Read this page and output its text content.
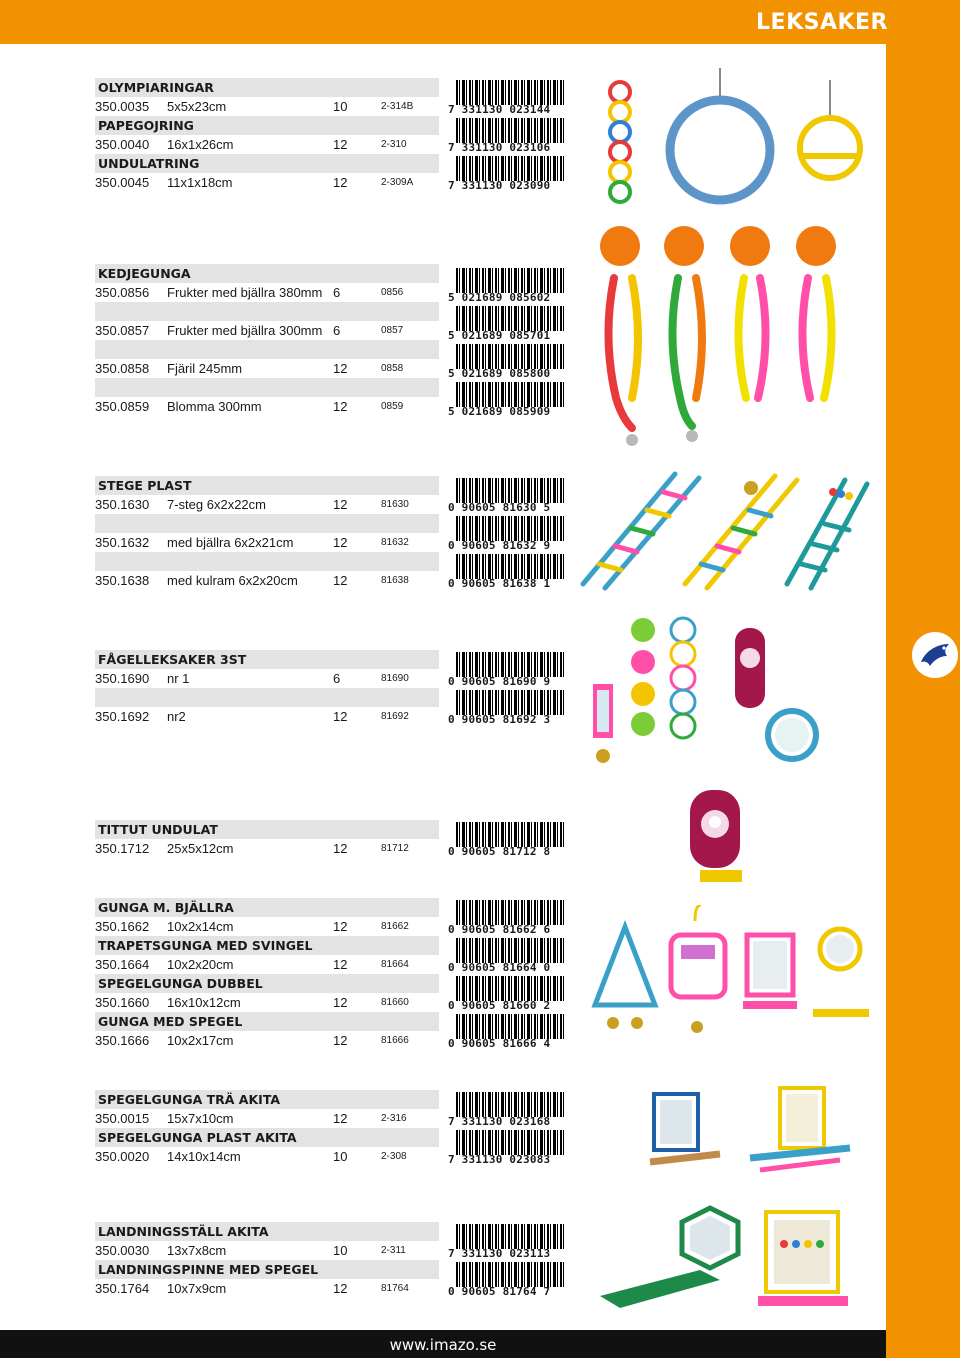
LEKSAKER
OLYMPIARINGAR
350.0035 5x5x23cm	10	2-314B
PAPEGOJRING
350.0040 16x1x26cm	12	2-310
UNDULATRING
350.0045 11x1x18cm	12	2-309A
7 331130 023144
7 331130 023106
7 331130 023090
KEDJEGUNGA
350.0856 Frukter med bjällra 380mm 6	0856
350.0857 Frukter med bjällra 300mm 6	0857
350.0858 Fjäril 245mm	12	0858
350.0859 Blomma 300mm	12	0859
5 021689 085602
5 021689 085701
5 021689 085800
5 021689 085909
STEGE PLAST
350.1630 7-steg 6x2x22cm	12	81630
350.1632 med bjällra 6x2x21cm	12	81632
350.1638 med kulram 6x2x20cm	12	81638
0 90605 81630 5
0 90605 81632 9
0 90605 81638 1
FÅGELLEKSAKER 3ST
350.1690 nr 1	6	81690
350.1692 nr2	12	81692
0 90605 81690 9
0 90605 81692 3
TITTUT UNDULAT
350.1712 25x5x12cm	12	81712	0 90605 81712 8
GUNGA M. BJÄLLRA
350.1662 10x2x14cm	12	81662
TRAPETSGUNGA MED SVINGEL
350.1664 10x2x20cm	12	81664
SPEGELGUNGA DUBBEL
350.1660 16x10x12cm	12	81660
GUNGA MED SPEGEL
350.1666 10x2x17cm	12	81666
0 90605 81662 6
0 90605 81664 0
0 90605 81660 2
0 90605 81666 4
SPEGELGUNGA TRÄ AKITA
350.0015 15x7x10cm	12	2-316
SPEGELGUNGA PLAST AKITA
350.0020 14x10x14cm	10	2-308
7 331130 023168
7 331130 023083
LANDNINGSSTÄLL AKITA
350.0030 13x7x8cm	10	2-311
LANDNINGSPINNE MED SPEGEL
350.1764 10x7x9cm	12	81764
7 331130 023113
0 90605 81764 7
www.imazo.se
